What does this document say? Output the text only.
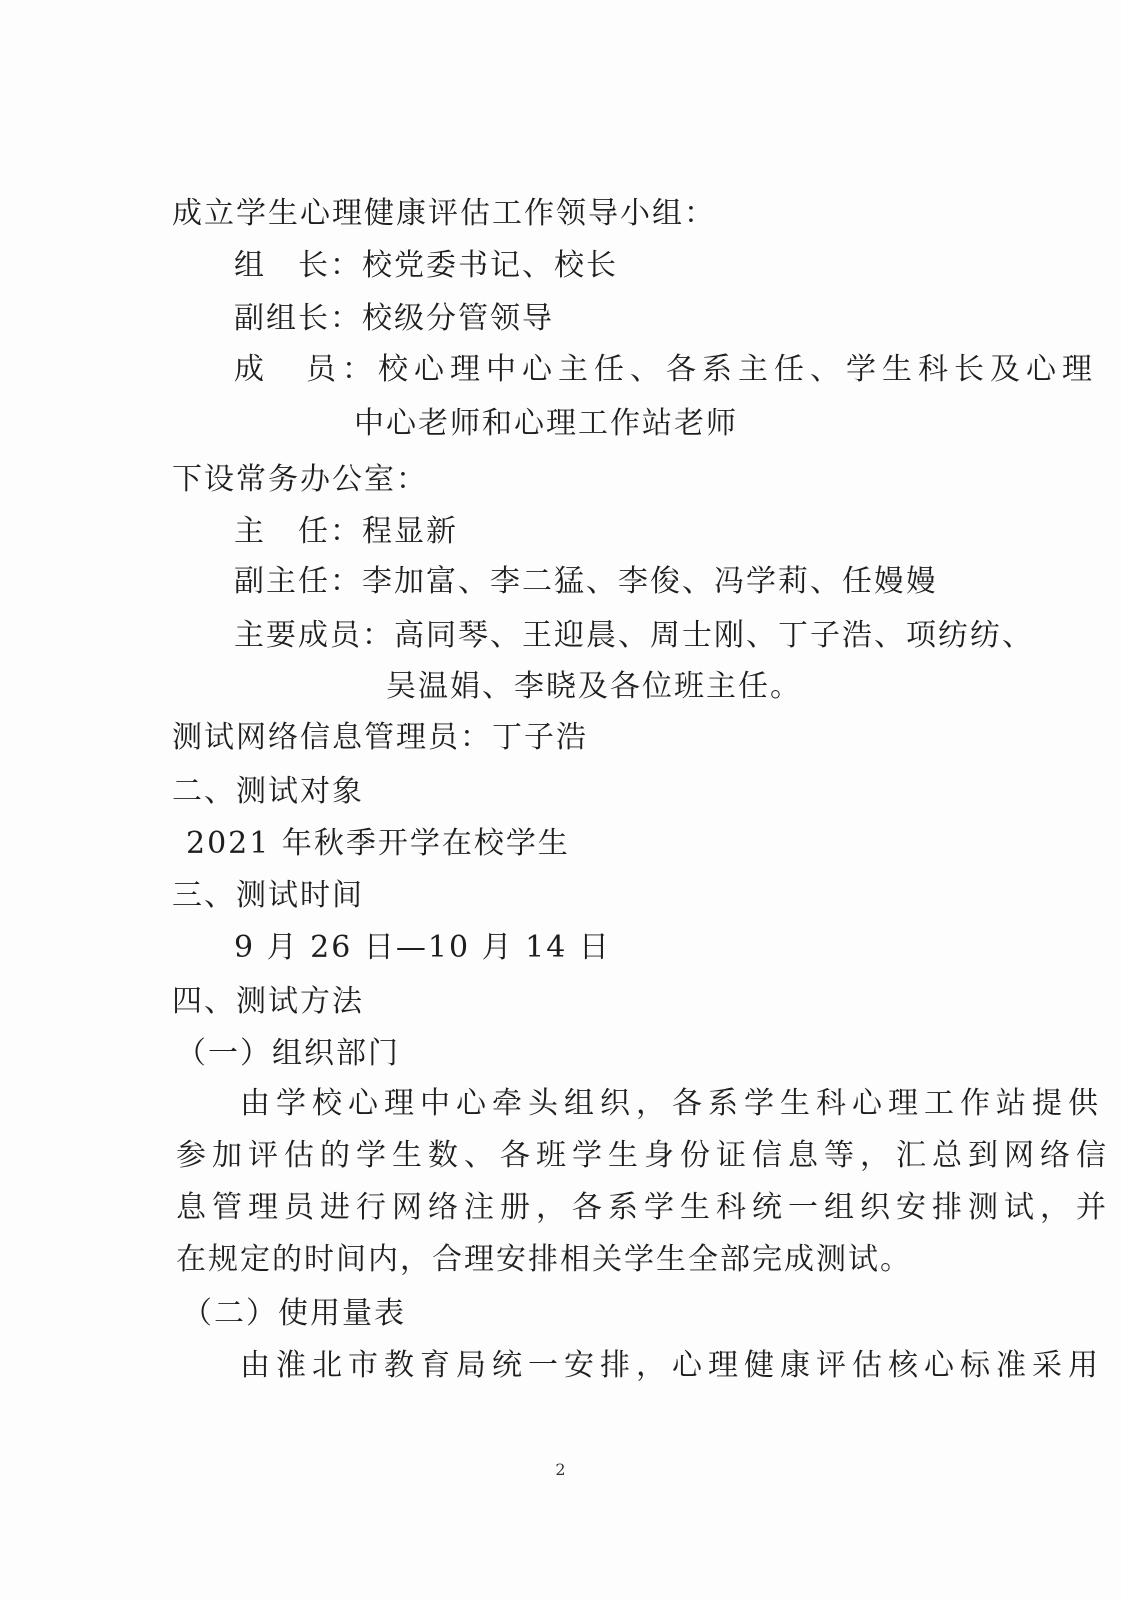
成立学生心理健康评估工作领导小组：
组　长：校党委书记、校长
副组长：校级分管领导
成　员：校心理中心主任、各系主任、学生科长及心理
中心老师和心理工作站老师
下设常务办公室：
主　任：程显新
副主任：李加富、李二猛、李俊、冯学莉、任嫚嫚
主要成员：高同琴、王迎晨、周士刚、丁子浩、项纺纺、
吴温娟、李晓及各位班主任。
测试网络信息管理员：丁子浩
二、测试对象
2021 年秋季开学在校学生
三、测试时间
9 月 26 日—10 月 14 日
四、测试方法
（一）组织部门
由学校心理中心牵头组织，各系学生科心理工作站提供
参加评估的学生数、各班学生身份证信息等，汇总到网络信
息管理员进行网络注册，各系学生科统一组织安排测试，并
在规定的时间内，合理安排相关学生全部完成测试。
（二）使用量表
由淮北市教育局统一安排，心理健康评估核心标准采用
2
